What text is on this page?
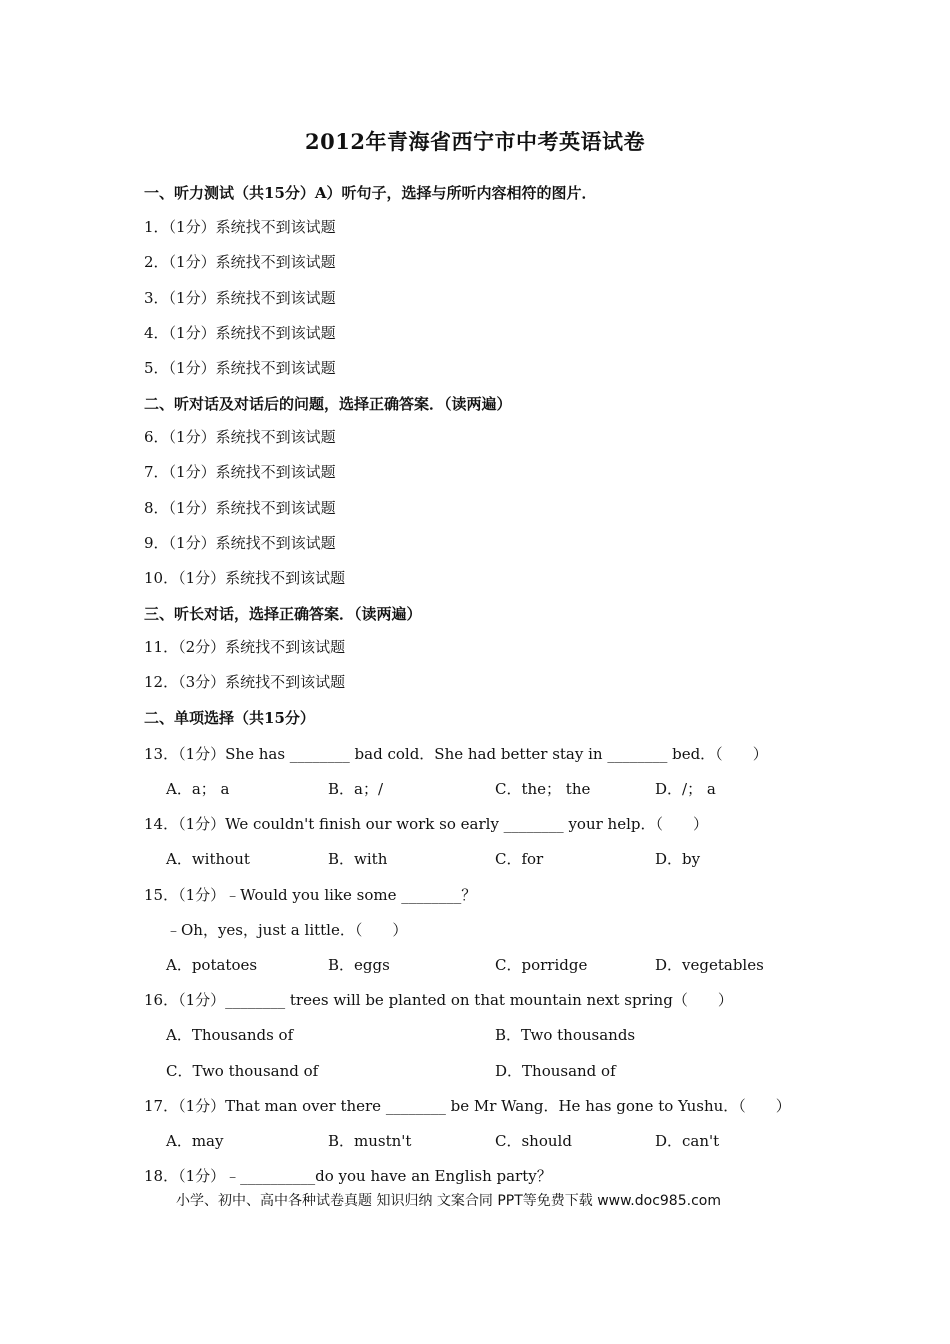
2012年青海省西宁市中考英语试卷
一、听力测试（共15分）A）听句子，选择与所听内容相符的图片．
1．（1分）系统找不到该试题
2．（1分）系统找不到该试题
3．（1分）系统找不到该试题
4．（1分）系统找不到该试题
5．（1分）系统找不到该试题
二、听对话及对话后的问题，选择正确答案．（读两遍）
6．（1分）系统找不到该试题
7．（1分）系统找不到该试题
8．（1分）系统找不到该试题
9．（1分）系统找不到该试题
10．（1分）系统找不到该试题
三、听长对话，选择正确答案．（读两遍）
11．（2分）系统找不到该试题
12．（3分）系统找不到该试题
二、单项选择（共15分）
13．（1分）She has ________ bad cold．She had better stay in ________ bed．（　　）
A．a； a	B．a；/	C．the； the	D．/； a
14．（1分）We couldn't finish our work so early ________ your help．（　　）
A．without	B．with	C．for	D．by
15．（1分）﹣Would you like some ________？
﹣Oh，yes，just a little．（　　）
A．potatoes	B．eggs	C．porridge	D．vegetables
16．（1分）________ trees will be planted on that mountain next spring（　　）
A．Thousands of	B．Two thousands
C．Two thousand of	D．Thousand of
17．（1分）That man over there ________ be Mr Wang．He has gone to Yushu．（　　）
A．may	B．mustn't	C．should	D．can't
18．（1分）﹣__________do you have an English party？
小学、初中、高中各种试卷真题 知识归纳 文案合同 PPT等免费下载 www.doc985.com
